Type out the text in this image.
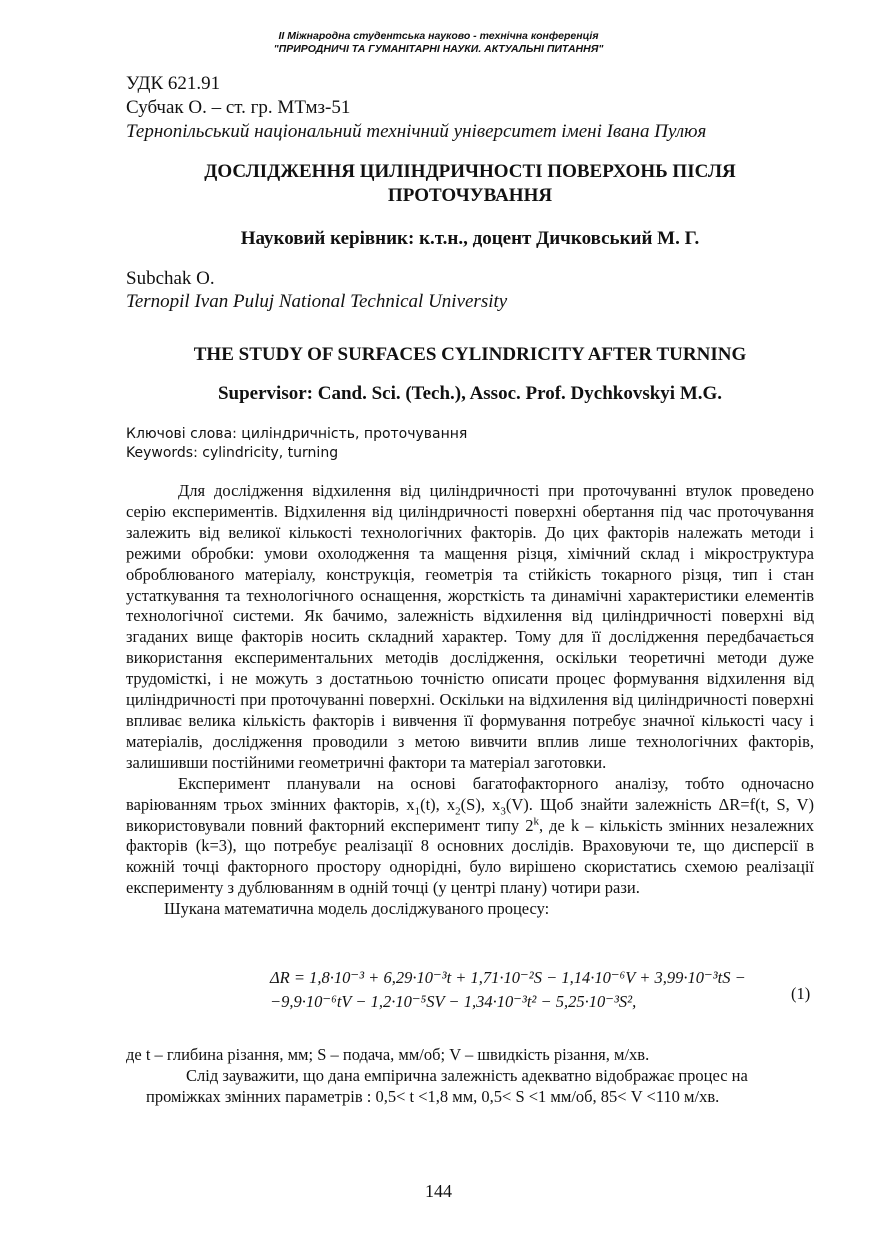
II Міжнародна студентська науково - технічна конференція
"ПРИРОДНИЧІ ТА ГУМАНІТАРНІ НАУКИ. АКТУАЛЬНІ ПИТАННЯ"
УДК 621.91
Субчак О. – ст. гр. МТмз-51
Тернопільський національний технічний університет імені Івана Пулюя
ДОСЛІДЖЕННЯ ЦИЛІНДРИЧНОСТІ ПОВЕРХОНЬ ПІСЛЯ
ПРОТОЧУВАННЯ
Науковий керівник: к.т.н., доцент Дичковський М. Г.
Subchak O.
Ternopil Ivan Puluj National Technical University
THE STUDY OF SURFACES CYLINDRICITY AFTER TURNING
Supervisor: Cand. Sci. (Tech.), Assoc. Prof. Dychkovskyi M.G.
Ключові слова: циліндричність, проточування
Keywords: cylindricity, turning

Для дослідження відхилення від циліндричності при проточуванні втулок проведено серію експериментів. Відхилення від циліндричності поверхні обертання під час проточування залежить від великої кількості технологічних факторів. До цих факторів належать методи і режими обробки: умови охолодження та мащення різця, хімічний склад і мікроструктура оброблюваного матеріалу, конструкція, геометрія та стійкість токарного різця, тип і стан устаткування та технологічного оснащення, жорсткість та динамічні характеристики елементів технологічної системи. Як бачимо, залежність відхилення від циліндричності поверхні від згаданих вище факторів носить складний характер. Тому для її дослідження передбачається використання експериментальних методів дослідження, оскільки теоретичні методи дуже трудомісткі, і не можуть з достатньою точністю описати процес формування відхилення від циліндричності при проточуванні поверхні. Оскільки на відхилення від циліндричності поверхні впливає велика кількість факторів і вивчення її формування потребує значної кількості часу і матеріалів, дослідження проводили з метою вивчити вплив лише технологічних факторів, залишивши постійними геометричні фактори та матеріал заготовки.

Експеримент планували на основі багатофакторного аналізу, тобто одночасно варіюванням трьох змінних факторів, $x_1(t)$, $x_2(S)$, $x_3(V)$. Щоб знайти залежність ΔR=f(t, S, V) використовували повний факторний експеримент типу 2$^k$, де k – кількість змінних незалежних факторів (k=3), що потребує реалізації 8 основних дослідів. Враховуючи те, що дисперсії в кожній точці факторного простору однорідні, було вирішено скористатись схемою реалізації експерименту з дублюванням в одній точці (у центрі плану) чотири рази.

Шукана математична модель досліджуваного процесу:

ΔR = 1,8·10⁻³ + 6,29·10⁻³t + 1,71·10⁻²S − 1,14·10⁻⁶V + 3,99·10⁻³tS −
−9,9·10⁻⁶tV − 1,2·10⁻⁵SV − 1,34·10⁻³t² − 5,25·10⁻³S²,	(1)

де t – глибина різання, мм; S – подача, мм/об; V – швидкість різання, м/хв.

Слід зауважити, що дана емпірична залежність адекватно відображає процес на

проміжках змінних параметрів : 0,5< t <1,8 мм, 0,5< S <1 мм/об, 85< V <110 м/хв.

144
